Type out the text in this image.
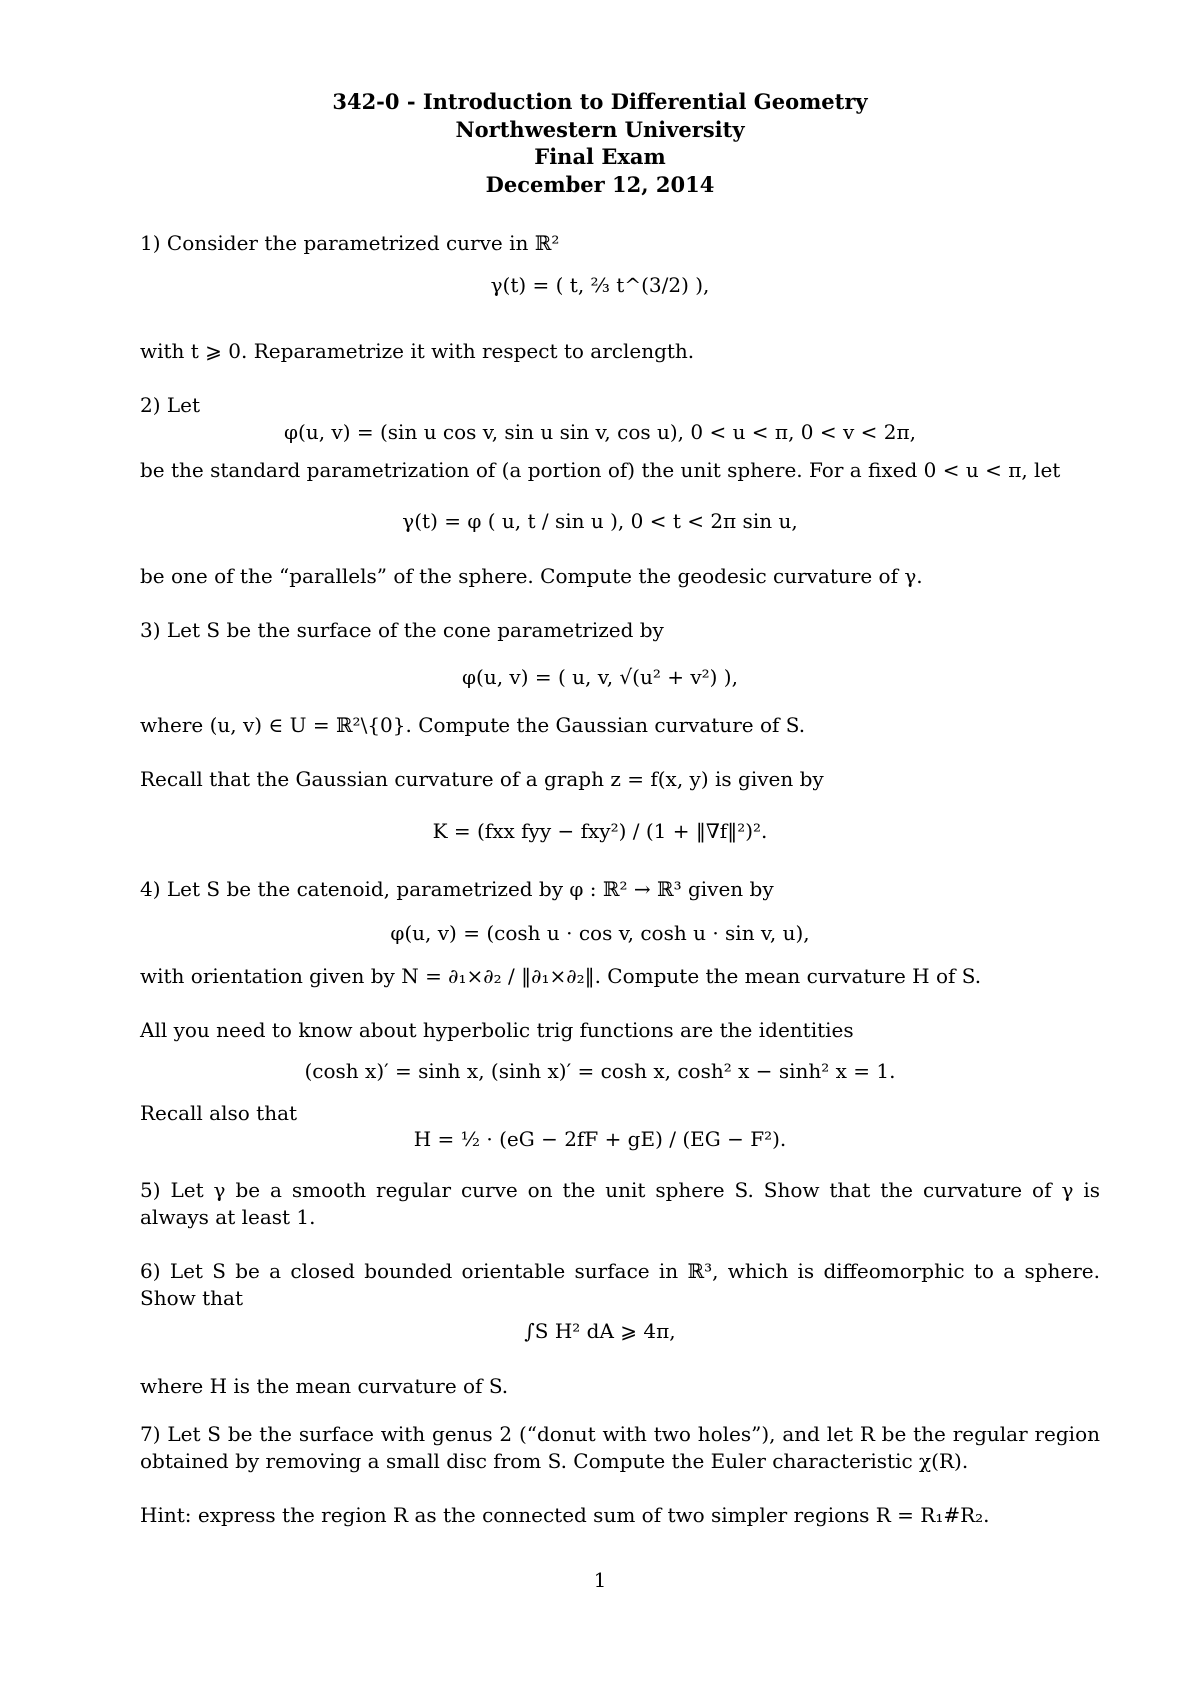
342-0 - Introduction to Differential Geometry
Northwestern University
Final Exam
December 12, 2014
1) Consider the parametrized curve in ℝ²
γ(t) = ( t, ²⁄₃ t^(3/2) ),
with t ⩾ 0. Reparametrize it with respect to arclength.
2) Let
φ(u, v) = (sin u cos v, sin u sin v, cos u), 0 < u < π, 0 < v < 2π,
be the standard parametrization of (a portion of) the unit sphere. For a fixed 0 < u < π, let
γ(t) = φ ( u, t / sin u ), 0 < t < 2π sin u,
be one of the “parallels” of the sphere. Compute the geodesic curvature of γ.
3) Let S be the surface of the cone parametrized by
φ(u, v) = ( u, v, √(u² + v²) ),
where (u, v) ∈ U = ℝ²\{0}. Compute the Gaussian curvature of S.
Recall that the Gaussian curvature of a graph z = f(x, y) is given by
K = (fxx fyy − fxy²) / (1 + ‖∇f‖²)².
4) Let S be the catenoid, parametrized by φ : ℝ² → ℝ³ given by
φ(u, v) = (cosh u · cos v, cosh u · sin v, u),
with orientation given by N = ∂₁×∂₂ / ‖∂₁×∂₂‖. Compute the mean curvature H of S.
All you need to know about hyperbolic trig functions are the identities
(cosh x)′ = sinh x, (sinh x)′ = cosh x, cosh² x − sinh² x = 1.
Recall also that
H = ½ · (eG − 2fF + gE) / (EG − F²).
5) Let γ be a smooth regular curve on the unit sphere S. Show that the curvature of γ is always at least 1.
6) Let S be a closed bounded orientable surface in ℝ³, which is diffeomorphic to a sphere. Show that
∫S H² dA ⩾ 4π,
where H is the mean curvature of S.
7) Let S be the surface with genus 2 (“donut with two holes”), and let R be the regular region obtained by removing a small disc from S. Compute the Euler characteristic χ(R).
Hint: express the region R as the connected sum of two simpler regions R = R₁#R₂.
1
